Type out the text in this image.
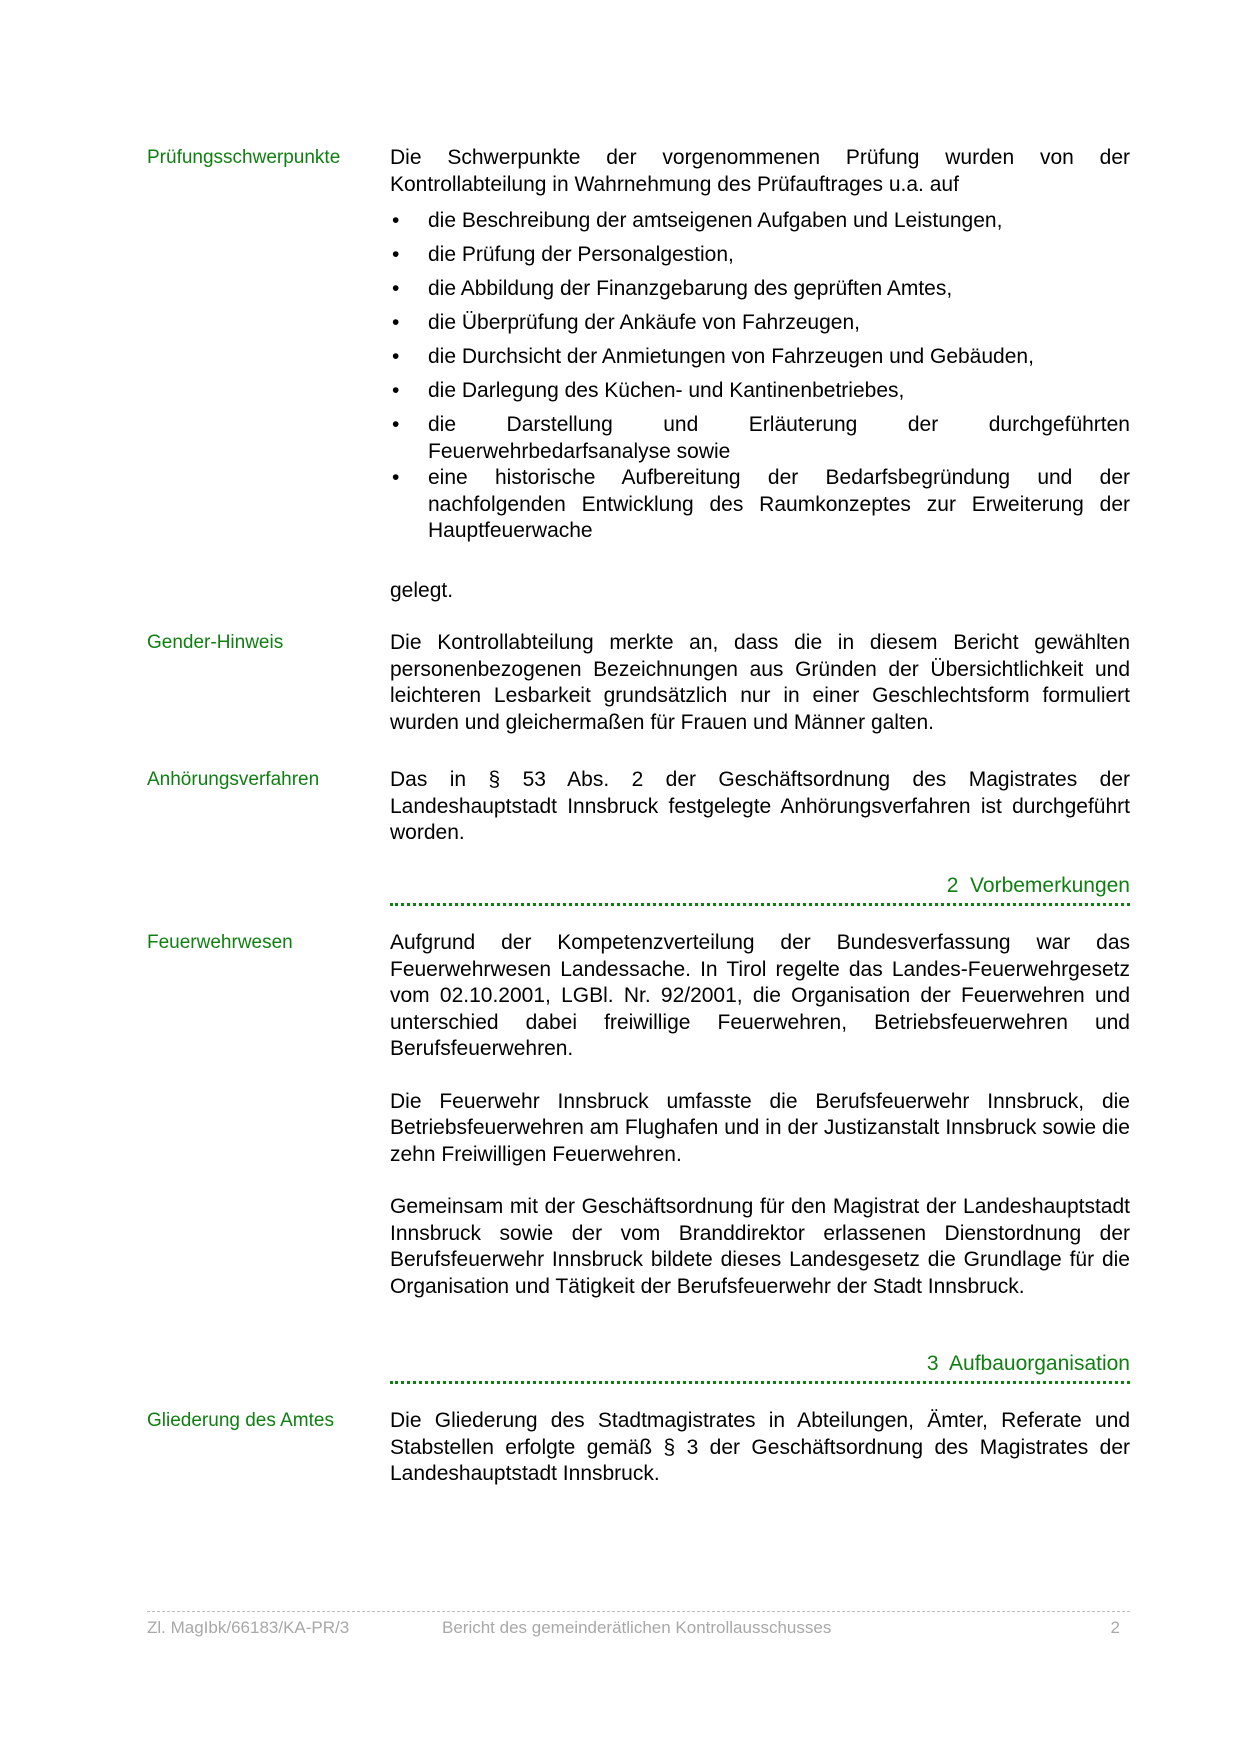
Prüfungsschwerpunkte	Die Schwerpunkte der vorgenommenen Prüfung wurden von der Kontrollabteilung in Wahrnehmung des Prüfauftrages u.a. auf

• die Beschreibung der amtseigenen Aufgaben und Leistungen,
• die Prüfung der Personalgestion,
• die Abbildung der Finanzgebarung des geprüften Amtes,
• die Überprüfung der Ankäufe von Fahrzeugen,
• die Durchsicht der Anmietungen von Fahrzeugen und Gebäuden,
• die Darlegung des Küchen- und Kantinenbetriebes,
• die Darstellung und Erläuterung der durchgeführten Feuerwehrbedarfsanalyse sowie
• eine historische Aufbereitung der Bedarfsbegründung und der nachfolgenden Entwicklung des Raumkonzeptes zur Erweiterung der Hauptfeuerwache
gelegt.
Gender-Hinweis	Die Kontrollabteilung merkte an, dass die in diesem Bericht gewählten personenbezogenen Bezeichnungen aus Gründen der Übersichtlichkeit und leichteren Lesbarkeit grundsätzlich nur in einer Geschlechtsform formuliert wurden und gleichermaßen für Frauen und Männer galten.
Anhörungsverfahren	Das in § 53 Abs. 2 der Geschäftsordnung des Magistrates der Landeshauptstadt Innsbruck festgelegte Anhörungsverfahren ist durchgeführt worden.
2 Vorbemerkungen
Feuerwehrwesen	Aufgrund der Kompetenzverteilung der Bundesverfassung war das Feuerwehrwesen Landessache. In Tirol regelte das Landes-Feuerwehrgesetz vom 02.10.2001, LGBl. Nr. 92/2001, die Organisation der Feuerwehren und unterschied dabei freiwillige Feuerwehren, Betriebsfeuerwehren und Berufsfeuerwehren.

Die Feuerwehr Innsbruck umfasste die Berufsfeuerwehr Innsbruck, die Betriebsfeuerwehren am Flughafen und in der Justizanstalt Innsbruck sowie die zehn Freiwilligen Feuerwehren.

Gemeinsam mit der Geschäftsordnung für den Magistrat der Landeshauptstadt Innsbruck sowie der vom Branddirektor erlassenen Dienstordnung der Berufsfeuerwehr Innsbruck bildete dieses Landesgesetz die Grundlage für die Organisation und Tätigkeit der Berufsfeuerwehr der Stadt Innsbruck.

3 Aufbauorganisation
Gliederung des Amtes	Die Gliederung des Stadtmagistrates in Abteilungen, Ämter, Referate und Stabstellen erfolgte gemäß § 3 der Geschäftsordnung des Magistrates der Landeshauptstadt Innsbruck.
Zl. MagIbk/66183/KA-PR/3	Bericht des gemeinderätlichen Kontrollausschusses	2
